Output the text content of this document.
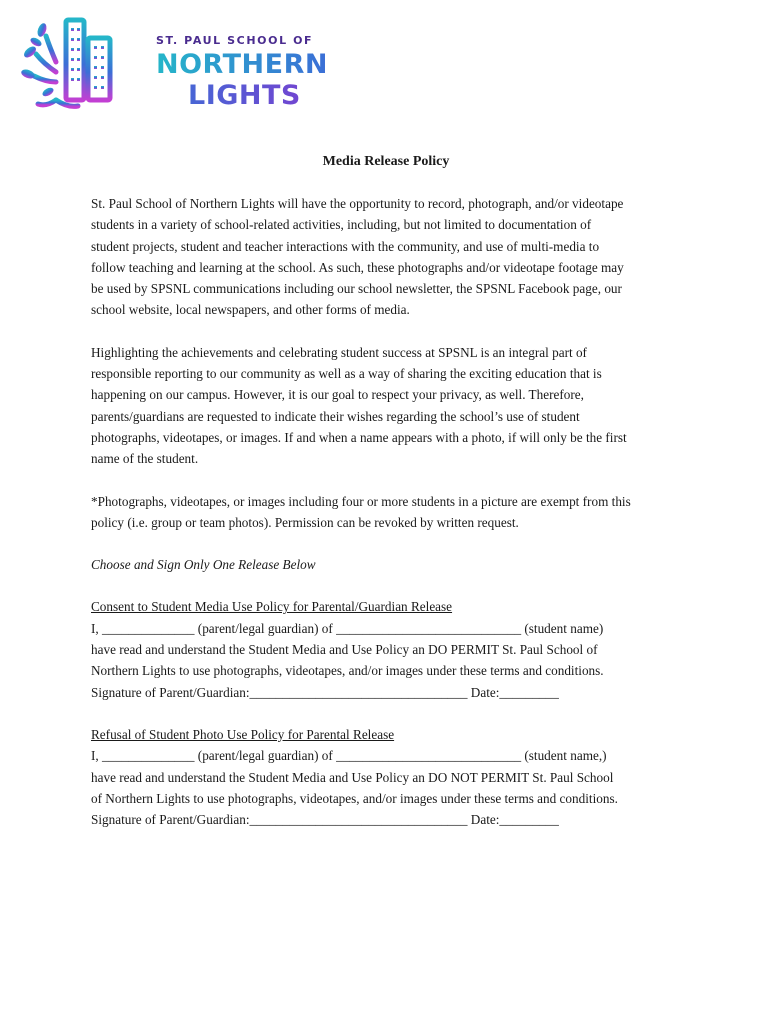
ST. PAUL SCHOOL OF
NORTHERN
LIGHTS
Media Release Policy

St. Paul School of Northern Lights will have the opportunity to record, photograph, and/or videotape

students in a variety of school-related activities, including, but not limited to documentation of

student projects, student and teacher interactions with the community, and use of multi-media to

follow teaching and learning at the school. As such, these photographs and/or videotape footage may

be used by SPSNL communications including our school newsletter, the SPSNL Facebook page, our

school website, local newspapers, and other forms of media.

Highlighting the achievements and celebrating student success at SPSNL is an integral part of

responsible reporting to our community as well as a way of sharing the exciting education that is

happening on our campus. However, it is our goal to respect your privacy, as well. Therefore,

parents/guardians are requested to indicate their wishes regarding the school’s use of student

photographs, videotapes, or images. If and when a name appears with a photo, if will only be the first

name of the student.

*Photographs, videotapes, or images including four or more students in a picture are exempt from this

policy (i.e. group or team photos). Permission can be revoked by written request.

Choose and Sign Only One Release Below

Consent to Student Media Use Policy for Parental/Guardian Release

I, ______________ (parent/legal guardian) of ____________________________ (student name)

have read and understand the Student Media and Use Policy an DO PERMIT St. Paul School of

Northern Lights to use photographs, videotapes, and/or images under these terms and conditions.

Signature of Parent/Guardian:_________________________________ Date:_________

Refusal of Student Photo Use Policy for Parental Release

I, ______________ (parent/legal guardian) of ____________________________ (student name,)

have read and understand the Student Media and Use Policy an DO NOT PERMIT St. Paul School

of Northern Lights to use photographs, videotapes, and/or images under these terms and conditions.

Signature of Parent/Guardian:_________________________________ Date:_________
